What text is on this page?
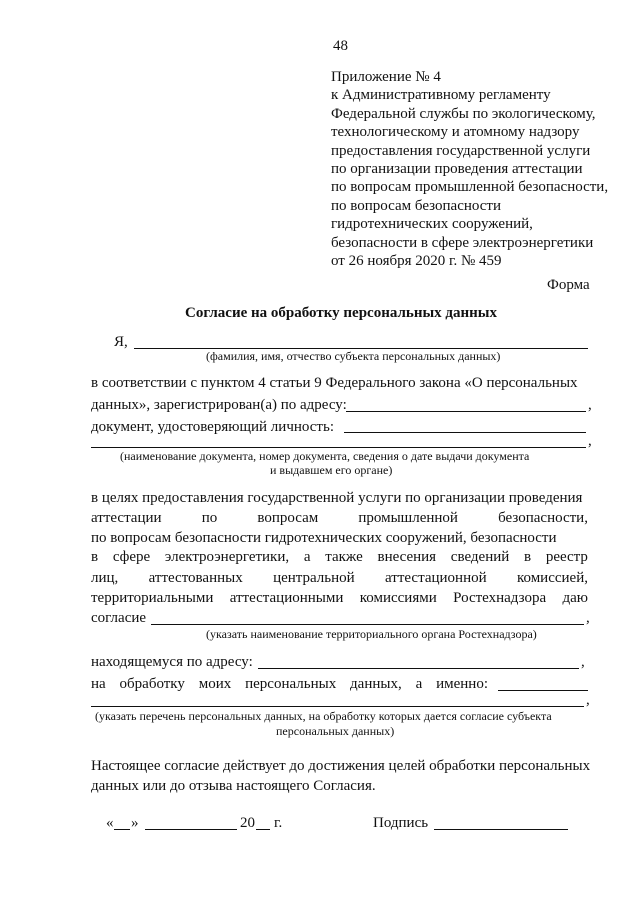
48
Приложение № 4
к Административному регламенту
Федеральной службы по экологическому,
технологическому и атомному надзору
предоставления государственной услуги
по организации проведения аттестации
по вопросам промышленной безопасности,
по вопросам безопасности
гидротехнических сооружений,
безопасности в сфере электроэнергетики
от 26 ноября 2020 г. № 459
Форма
Согласие на обработку персональных данных
Я,
(фамилия, имя, отчество субъекта персональных данных)
в соответствии с пунктом 4 статьи 9 Федерального закона «О персональных
данных», зарегистрирован(а) по адресу:	,
документ, удостоверяющий личность:
,
(наименование документа, номер документа, сведения о дате выдачи документа
и выдавшем его органе)
в целях предоставления государственной услуги по организации проведения
аттестации	по	вопросам	промышленной	безопасности,
по вопросам безопасности гидротехнических сооружений, безопасности
в сфере электроэнергетики, а также внесения сведений в реестр
лиц, аттестованных центральной аттестационной комиссией,
территориальными аттестационными комиссиями Ростехнадзора даю
согласие	,
(указать наименование территориального органа Ростехнадзора)
находящемуся по адресу:	,
на обработку моих персональных данных, а именно:
,
(указать перечень персональных данных, на обработку которых дается согласие субъекта
персональных данных)
Настоящее согласие действует до достижения целей обработки персональных
данных или до отзыва настоящего Согласия.
« »	20 г.	Подпись
